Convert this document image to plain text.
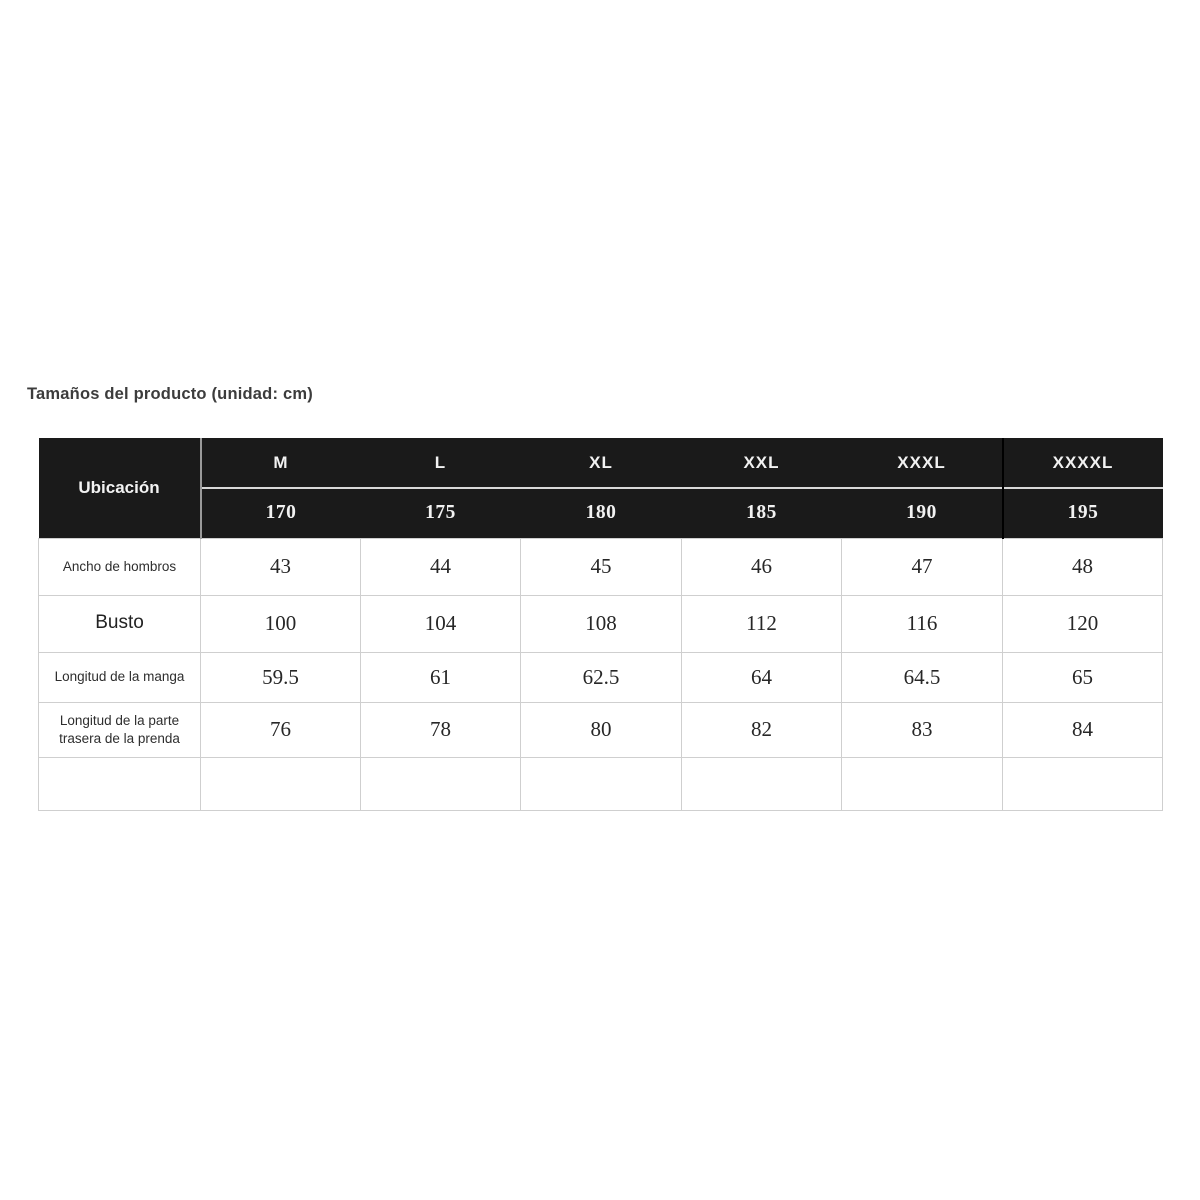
Tamaños del producto (unidad: cm)
Ubicación	M	L	XL	XXL	XXXL	XXXXL
	170	175	180	185	190	195
Ancho de hombros	43	44	45	46	47	48
Busto	100	104	108	112	116	120
Longitud de la manga	59.5	61	62.5	64	64.5	65
Longitud de la parte trasera de la prenda	76	78	80	82	83	84
